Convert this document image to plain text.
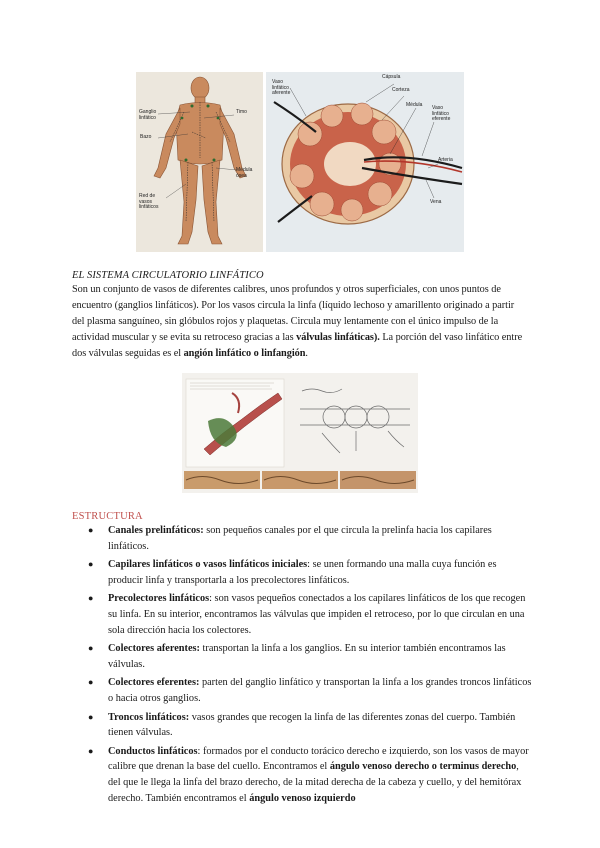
Ganglio linfático
Bazo
Timo
Médula ósea
Red de vasos linfáticos
Vaso linfático aferente
Cápsula
Corteza
Médula Vaso linfático eferente
Arteria
Vena
EL SISTEMA CIRCULATORIO LINFÁTICO

Son un conjunto de vasos de diferentes calibres, unos profundos y otros superficiales, con unos puntos de encuentro (ganglios linfáticos). Por los vasos circula la linfa (líquido lechoso y amarillento originado a partir del plasma sanguíneo, sin glóbulos rojos y plaquetas. Circula muy lentamente con el único impulso de la actividad muscular y se evita su retroceso gracias a las válvulas linfáticas). La porción del vaso linfático entre dos válvulas seguidas es el angión linfático o linfangión.

ESTRUCTURA
● Canales prelinfáticos: son pequeños canales por el que circula la prelinfa hacia los capilares linfáticos.
● Capilares linfáticos o vasos linfáticos iniciales: se unen formando una malla cuya función es producir linfa y transportarla a los precolectores linfáticos.
● Precolectores linfáticos: son vasos pequeños conectados a los capilares linfáticos de los que recogen su linfa. En su interior, encontramos las válvulas que impiden el retroceso, por lo que circulan en una sola dirección hacia los colectores.
● Colectores aferentes: transportan la linfa a los ganglios. En su interior también encontramos las válvulas.
● Colectores eferentes: parten del ganglio linfático y transportan la linfa a los grandes troncos linfáticos o hacia otros ganglios.
● Troncos linfáticos: vasos grandes que recogen la linfa de las diferentes zonas del cuerpo. También tienen válvulas.
● Conductos linfáticos: formados por el conducto torácico derecho e izquierdo, son los vasos de mayor calibre que drenan la base del cuello. Encontramos el ángulo venoso derecho o terminus derecho, del que le llega la linfa del brazo derecho, de la mitad derecha de la cabeza y cuello, y del hemitórax derecho. También encontramos el ángulo venoso izquierdo
